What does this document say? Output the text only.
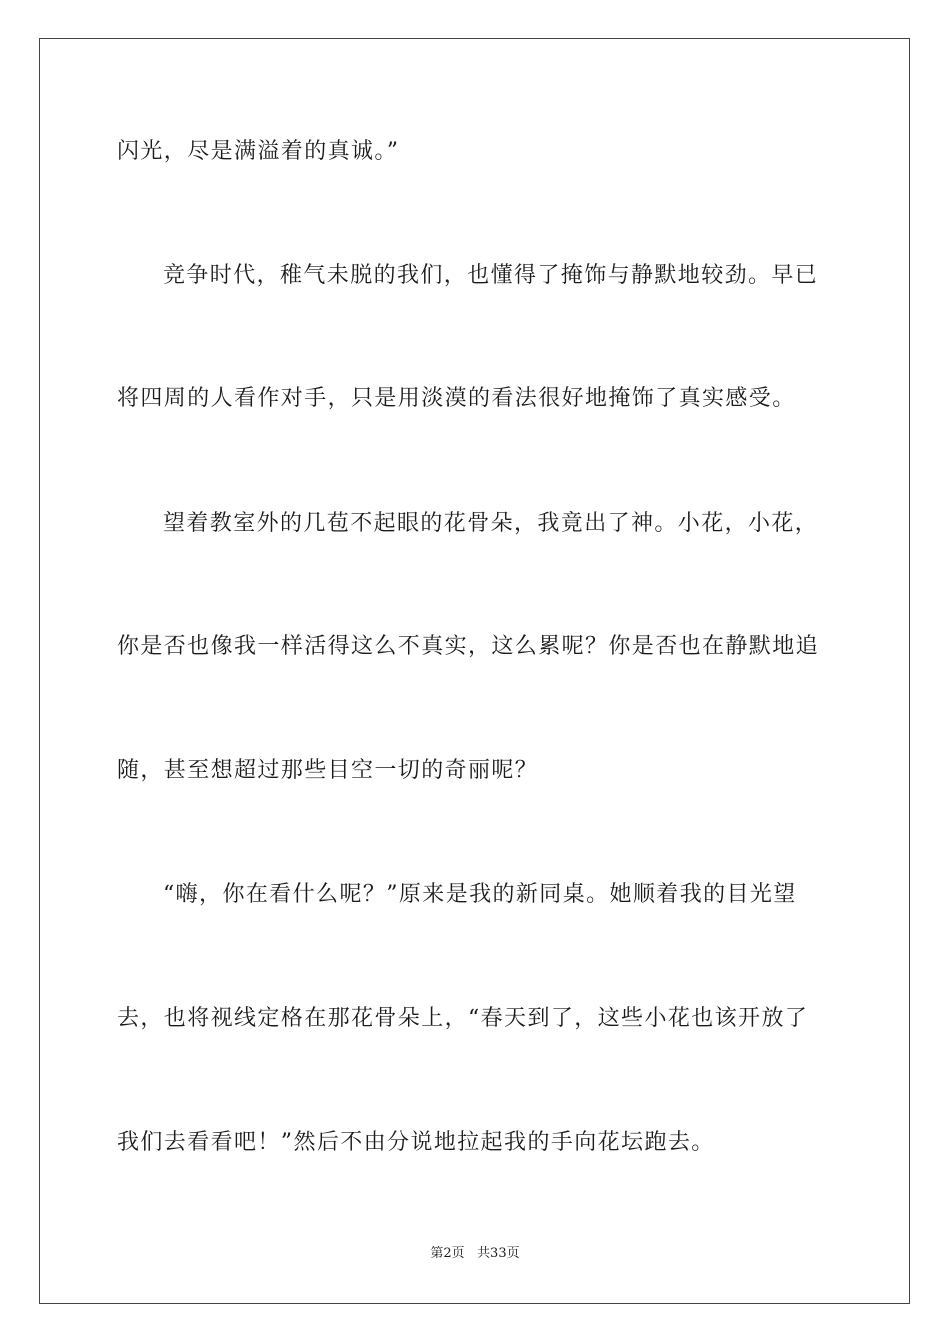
闪光，尽是满溢着的真诚。”
竞争时代，稚气未脱的我们，也懂得了掩饰与静默地较劲。早已
将四周的人看作对手，只是用淡漠的看法很好地掩饰了真实感受。
望着教室外的几苞不起眼的花骨朵，我竟出了神。小花，小花，
你是否也像我一样活得这么不真实，这么累呢？你是否也在静默地追
随，甚至想超过那些目空一切的奇丽呢？
“嗨，你在看什么呢？”原来是我的新同桌。她顺着我的目光望
去，也将视线定格在那花骨朵上，“春天到了，这些小花也该开放了
我们去看看吧！”然后不由分说地拉起我的手向花坛跑去。
第2页   共33页
